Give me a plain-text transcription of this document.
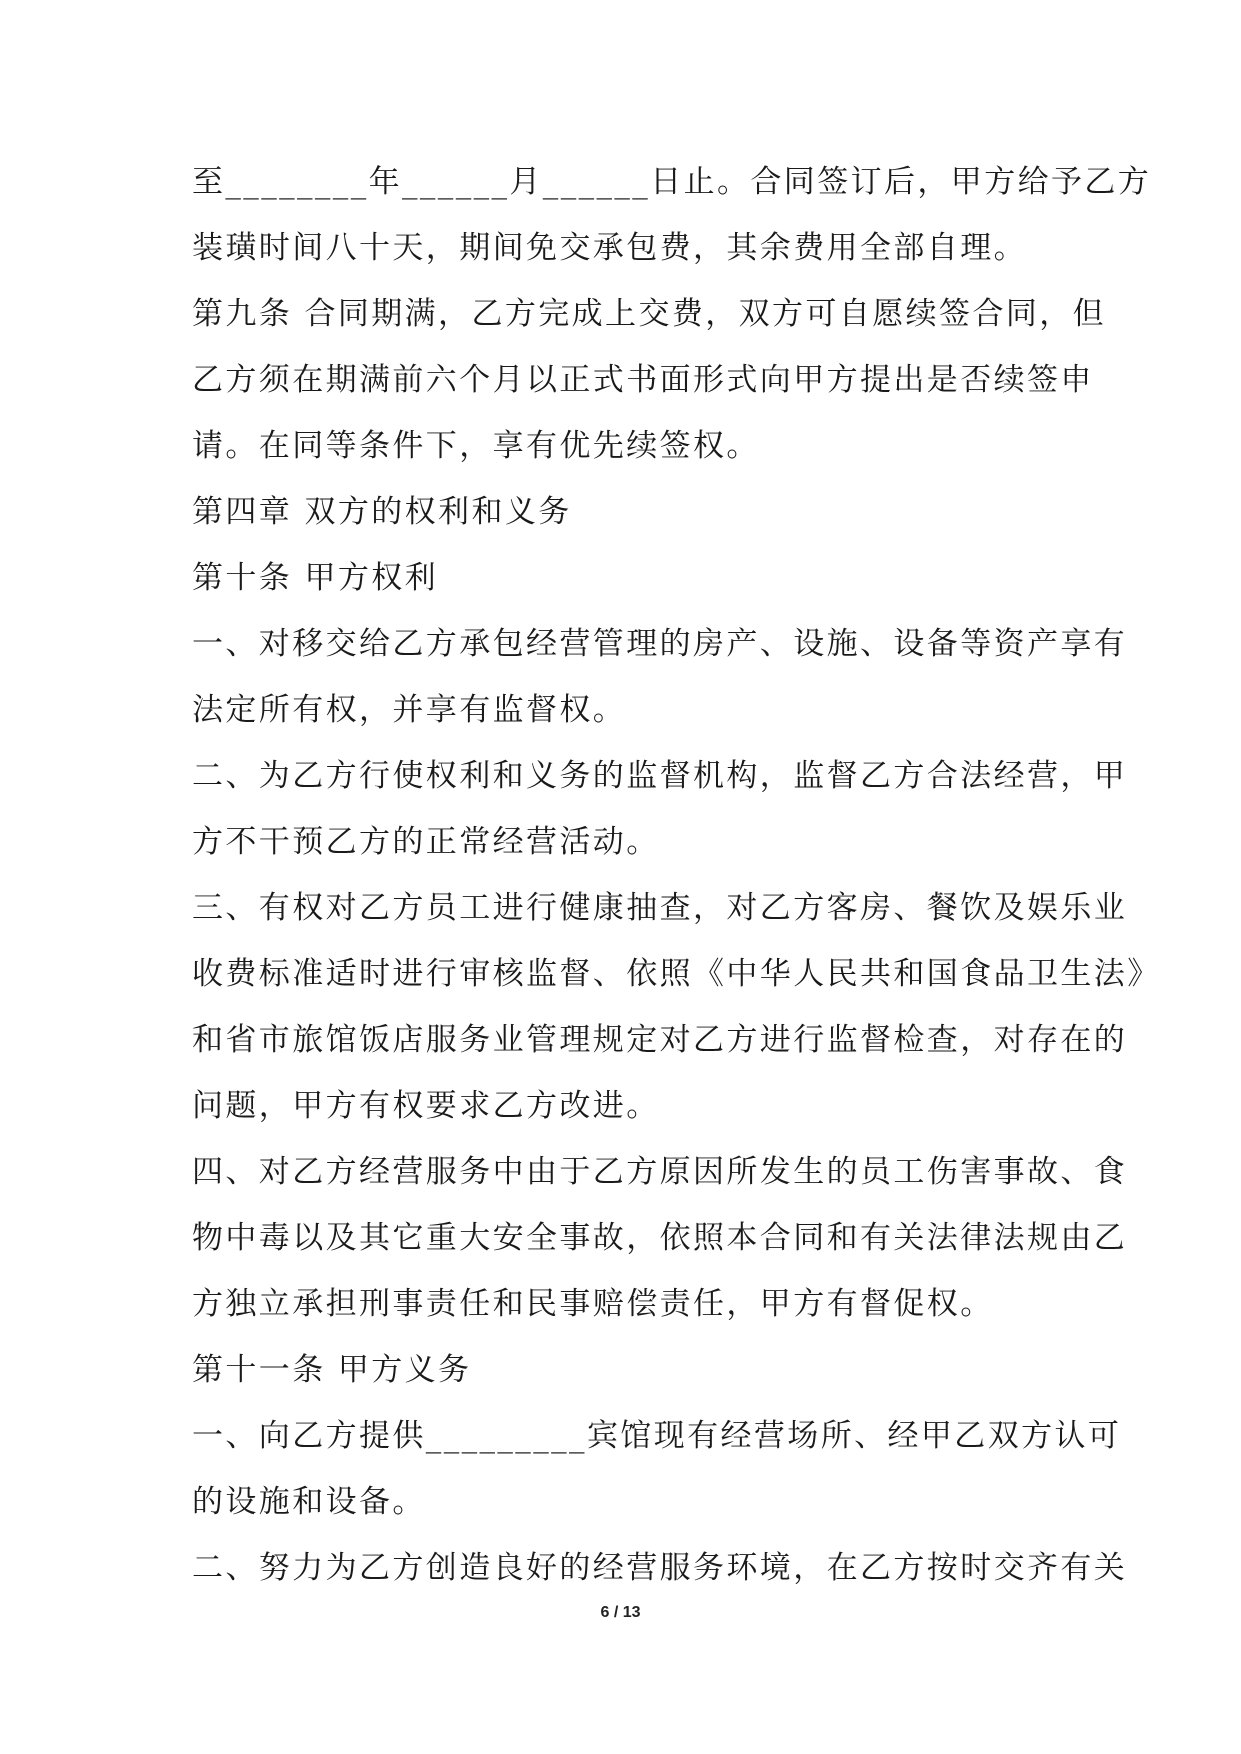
至________年______月______日止。合同签订后，甲方给予乙方
装璜时间八十天，期间免交承包费，其余费用全部自理。
第九条 合同期满，乙方完成上交费，双方可自愿续签合同，但
乙方须在期满前六个月以正式书面形式向甲方提出是否续签申
请。在同等条件下，享有优先续签权。
第四章 双方的权利和义务
第十条 甲方权利
一、对移交给乙方承包经营管理的房产、设施、设备等资产享有
法定所有权，并享有监督权。
二、为乙方行使权利和义务的监督机构，监督乙方合法经营，甲
方不干预乙方的正常经营活动。
三、有权对乙方员工进行健康抽查，对乙方客房、餐饮及娱乐业
收费标准适时进行审核监督、依照《中华人民共和国食品卫生法》
和省市旅馆饭店服务业管理规定对乙方进行监督检查，对存在的
问题，甲方有权要求乙方改进。
四、对乙方经营服务中由于乙方原因所发生的员工伤害事故、食
物中毒以及其它重大安全事故，依照本合同和有关法律法规由乙
方独立承担刑事责任和民事赔偿责任，甲方有督促权。
第十一条 甲方义务
一、向乙方提供_________宾馆现有经营场所、经甲乙双方认可
的设施和设备。
二、努力为乙方创造良好的经营服务环境，在乙方按时交齐有关
6 / 13
